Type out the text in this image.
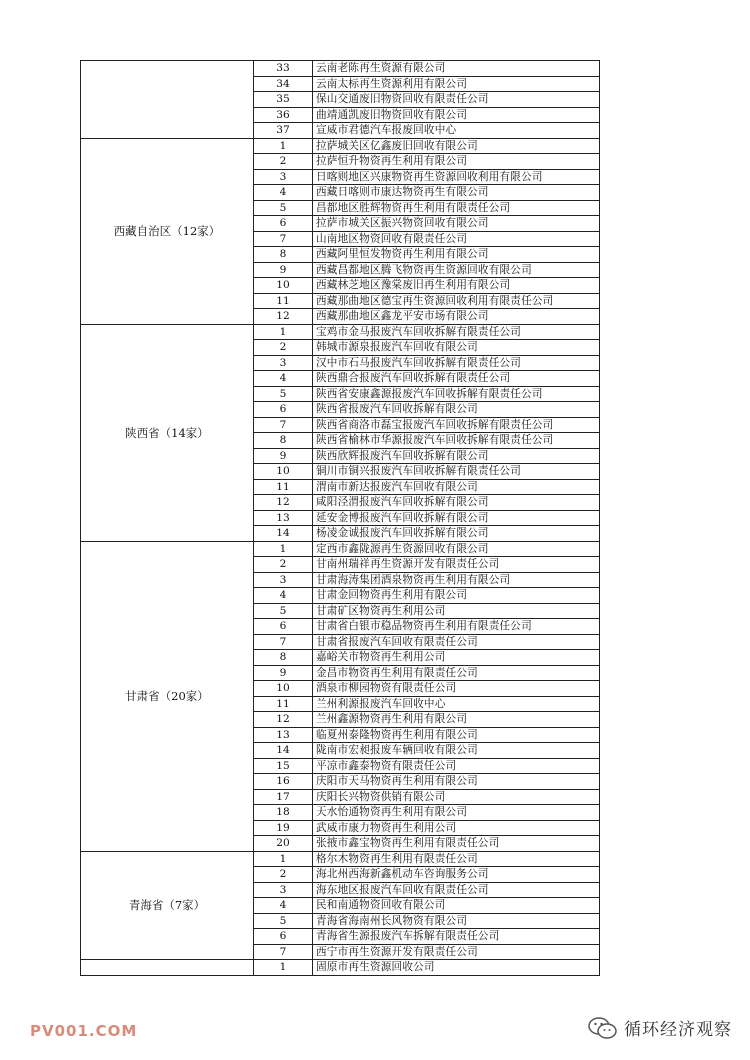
	33	云南老陈再生资源有限公司
	34	云南太标再生资源利用有限公司
	35	保山交通废旧物资回收有限责任公司
	36	曲靖通凯废旧物资回收有限公司
	37	宣威市君德汽车报废回收中心
西藏自治区（12家）	1	拉萨城关区亿鑫废旧回收有限公司
	2	拉萨恒升物资再生利用有限公司
	3	日喀则地区兴康物资再生资源回收利用有限公司
	4	西藏日喀则市康达物资再生有限公司
	5	昌都地区胜辉物资再生利用有限责任公司
	6	拉萨市城关区振兴物资回收有限公司
	7	山南地区物资回收有限责任公司
	8	西藏阿里恒发物资再生利用有限公司
	9	西藏昌都地区腾飞物资再生资源回收有限公司
	10	西藏林芝地区豫棠废旧再生利用有限公司
	11	西藏那曲地区德宝再生资源回收利用有限责任公司
	12	西藏那曲地区鑫龙平安市场有限公司
陕西省（14家）	1	宝鸡市金马报废汽车回收拆解有限责任公司
	2	韩城市源泉报废汽车回收有限公司
	3	汉中市石马报废汽车回收拆解有限责任公司
	4	陕西鼎合报废汽车回收拆解有限责任公司
	5	陕西省安康鑫源报废汽车回收拆解有限责任公司
	6	陕西省报废汽车回收拆解有限公司
	7	陕西省商洛市磊宝报废汽车回收拆解有限责任公司
	8	陕西省榆林市华源报废汽车回收拆解有限责任公司
	9	陕西欣辉报废汽车回收拆解有限公司
	10	铜川市铜兴报废汽车回收拆解有限责任公司
	11	渭南市新达报废汽车回收有限公司
	12	咸阳泾渭报废汽车回收拆解有限公司
	13	延安金博报废汽车回收拆解有限公司
	14	杨凌金诚报废汽车回收拆解有限公司
甘肃省（20家）	1	定西市鑫陇源再生资源回收有限公司
	2	甘南州瑞祥再生资源开发有限责任公司
	3	甘肃海涛集团酒泉物资再生利用有限公司
	4	甘肃金回物资再生利用有限公司
	5	甘肃矿区物资再生利用公司
	6	甘肃省白银市稳品物资再生利用有限责任公司
	7	甘肃省报废汽车回收有限责任公司
	8	嘉峪关市物资再生利用公司
	9	金昌市物资再生利用有限责任公司
	10	酒泉市柳园物资有限责任公司
	11	兰州利源报废汽车回收中心
	12	兰州鑫源物资再生利用有限公司
	13	临夏州泰隆物资再生利用有限公司
	14	陇南市宏昶报废车辆回收有限公司
	15	平凉市鑫泰物资有限责任公司
	16	庆阳市天马物资再生利用有限公司
	17	庆阳长兴物资供销有限公司
	18	天水怡通物资再生利用有限公司
	19	武威市康力物资再生利用公司
	20	张掖市鑫宝物资再生利用有限责任公司
青海省（7家）	1	格尔木物资再生利用有限责任公司
	2	海北州西海新鑫机动车咨询服务公司
	3	海东地区报废汽车回收有限责任公司
	4	民和南通物资回收有限公司
	5	青海省海南州长风物资有限公司
	6	青海省生源报废汽车拆解有限责任公司
	7	西宁市再生资源开发有限责任公司
	1	固原市再生资源回收公司
PV001.COM	循环经济观察
